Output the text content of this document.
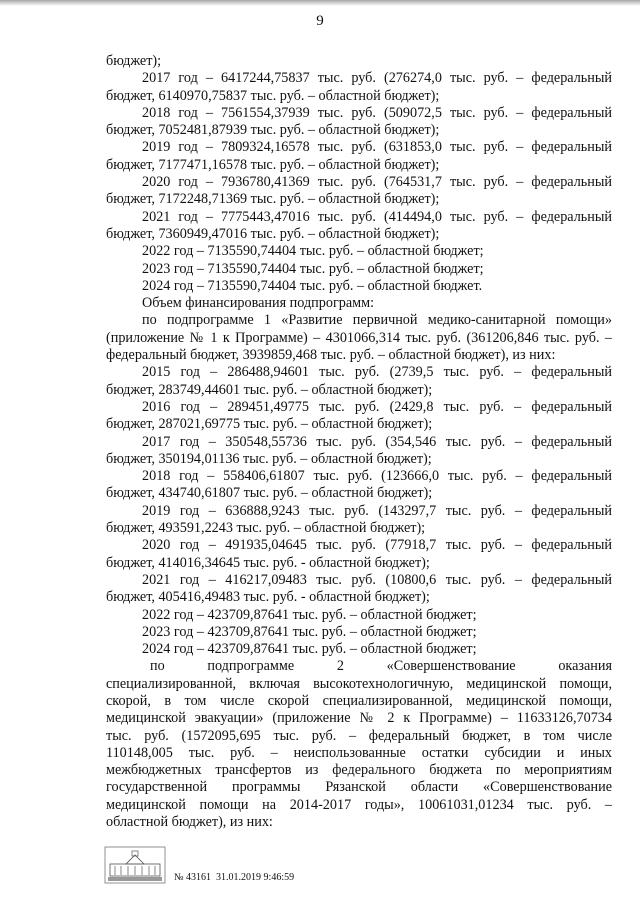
9
бюджет);
2017 год – 6417244,75837 тыс. руб. (276274,0 тыс. руб. – федеральный
бюджет, 6140970,75837 тыс. руб. – областной бюджет);
2018 год – 7561554,37939 тыс. руб. (509072,5 тыс. руб. – федеральный
бюджет, 7052481,87939 тыс. руб. – областной бюджет);
2019 год – 7809324,16578 тыс. руб. (631853,0 тыс. руб. – федеральный
бюджет, 7177471,16578 тыс. руб. – областной бюджет);
2020 год – 7936780,41369 тыс. руб. (764531,7 тыс. руб. – федеральный
бюджет, 7172248,71369 тыс. руб. – областной бюджет);
2021 год – 7775443,47016 тыс. руб. (414494,0 тыс. руб. – федеральный
бюджет, 7360949,47016 тыс. руб. – областной бюджет);
2022 год – 7135590,74404 тыс. руб. – областной бюджет;
2023 год – 7135590,74404 тыс. руб. – областной бюджет;
2024 год – 7135590,74404 тыс. руб. – областной бюджет.
Объем финансирования подпрограмм:
по подпрограмме 1 «Развитие первичной медико-санитарной помощи»
(приложение № 1 к Программе) – 4301066,314 тыс. руб. (361206,846 тыс. руб. –
федеральный бюджет, 3939859,468 тыс. руб. – областной бюджет), из них:
2015 год – 286488,94601 тыс. руб. (2739,5 тыс. руб. – федеральный
бюджет, 283749,44601 тыс. руб. – областной бюджет);
2016 год – 289451,49775 тыс. руб. (2429,8 тыс. руб. – федеральный
бюджет, 287021,69775 тыс. руб. – областной бюджет);
2017 год – 350548,55736 тыс. руб. (354,546 тыс. руб. – федеральный
бюджет, 350194,01136 тыс. руб. – областной бюджет);
2018 год – 558406,61807 тыс. руб. (123666,0 тыс. руб. – федеральный
бюджет, 434740,61807 тыс. руб. – областной бюджет);
2019 год – 636888,9243 тыс. руб. (143297,7 тыс. руб. – федеральный
бюджет, 493591,2243 тыс. руб. – областной бюджет);
2020 год – 491935,04645 тыс. руб. (77918,7 тыс. руб. – федеральный
бюджет, 414016,34645 тыс. руб. - областной бюджет);
2021 год – 416217,09483 тыс. руб. (10800,6 тыс. руб. – федеральный
бюджет, 405416,49483 тыс. руб. - областной бюджет);
2022 год – 423709,87641 тыс. руб. – областной бюджет;
2023 год – 423709,87641 тыс. руб. – областной бюджет;
2024 год – 423709,87641 тыс. руб. – областной бюджет;
по подпрограмме 2 «Совершенствование оказания
специализированной, включая высокотехнологичную, медицинской помощи,
скорой, в том числе скорой специализированной, медицинской помощи,
медицинской эвакуации» (приложение № 2 к Программе) – 11633126,70734
тыс. руб. (1572095,695 тыс. руб. – федеральный бюджет, в том числе
110148,005 тыс. руб. – неиспользованные остатки субсидии и иных
межбюджетных трансфертов из федерального бюджета по мероприятиям
государственной программы Рязанской области «Совершенствование
медицинской помощи на 2014-2017 годы», 10061031,01234 тыс. руб. –
областной бюджет), из них:
№ 43161 31.01.2019 9:46:59
